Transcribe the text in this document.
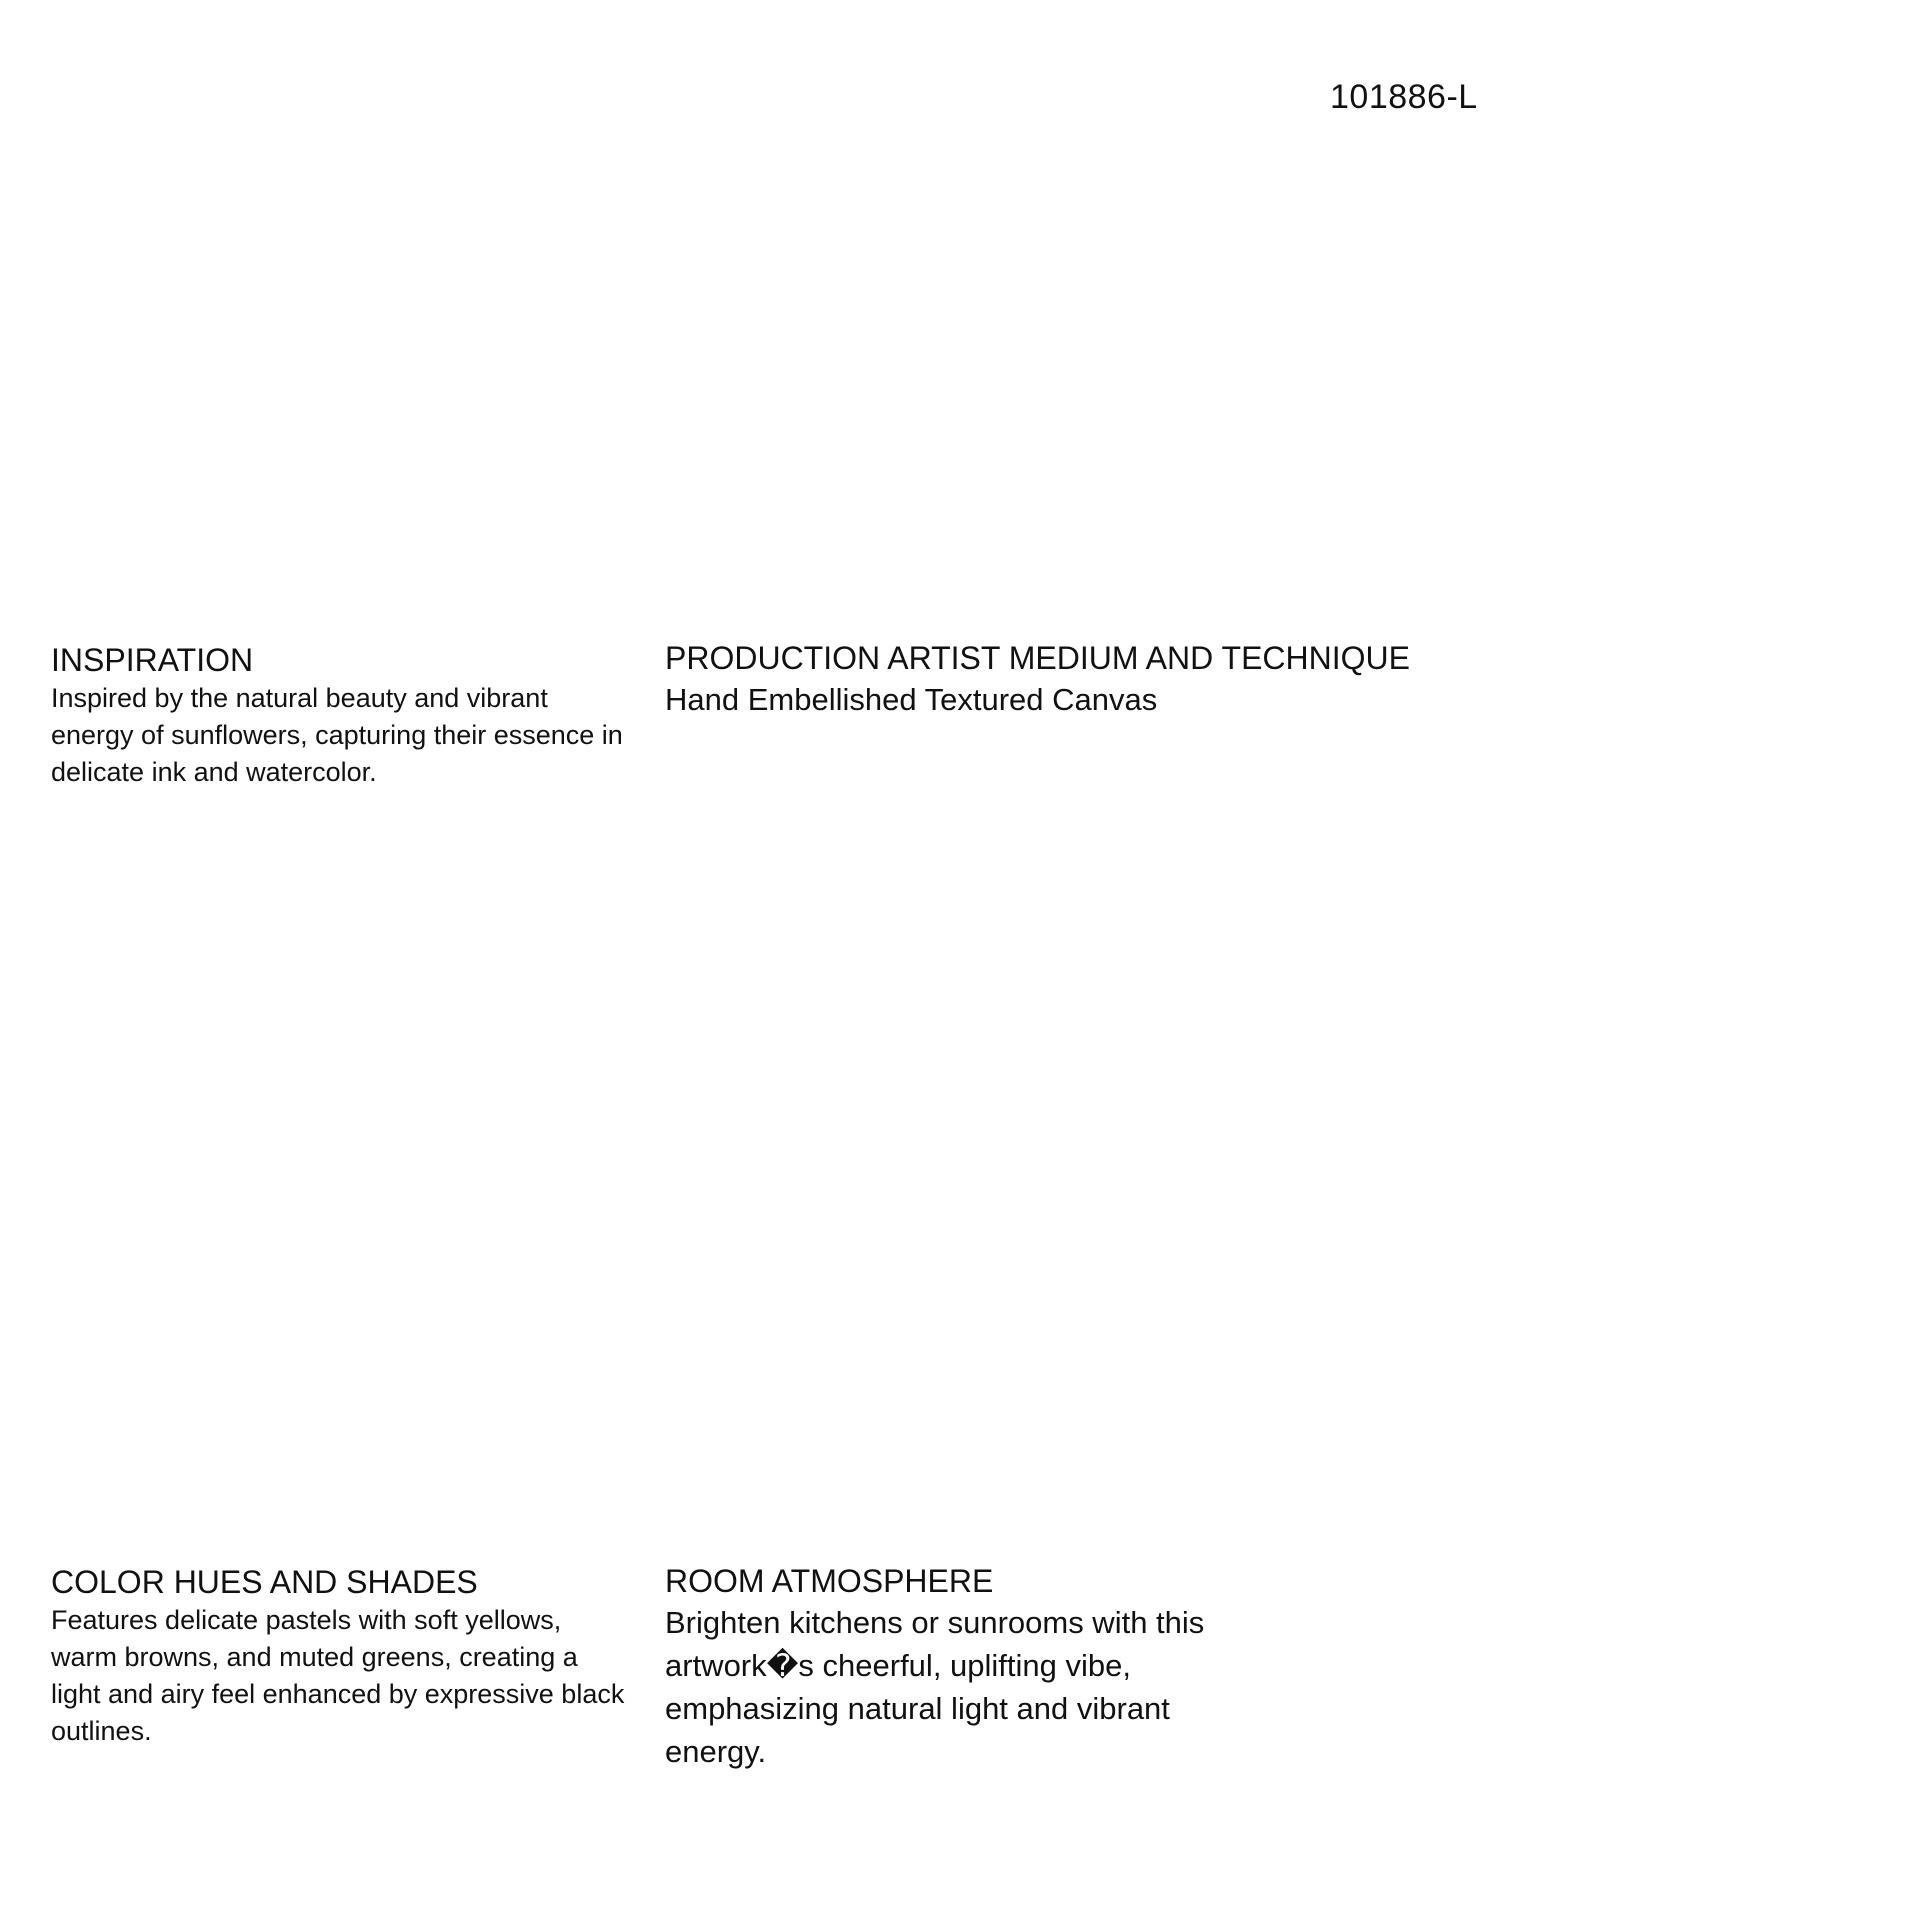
101886-L
INSPIRATION
Inspired by the natural beauty and vibrant energy of sunflowers, capturing their essence in delicate ink and watercolor.
PRODUCTION ARTIST MEDIUM AND TECHNIQUE
Hand Embellished Textured Canvas
COLOR HUES AND SHADES
Features delicate pastels with soft yellows, warm browns, and muted greens, creating a light and airy feel enhanced by expressive black outlines.
ROOM ATMOSPHERE
Brighten kitchens or sunrooms with this artwork�s cheerful, uplifting vibe, emphasizing natural light and vibrant energy.
